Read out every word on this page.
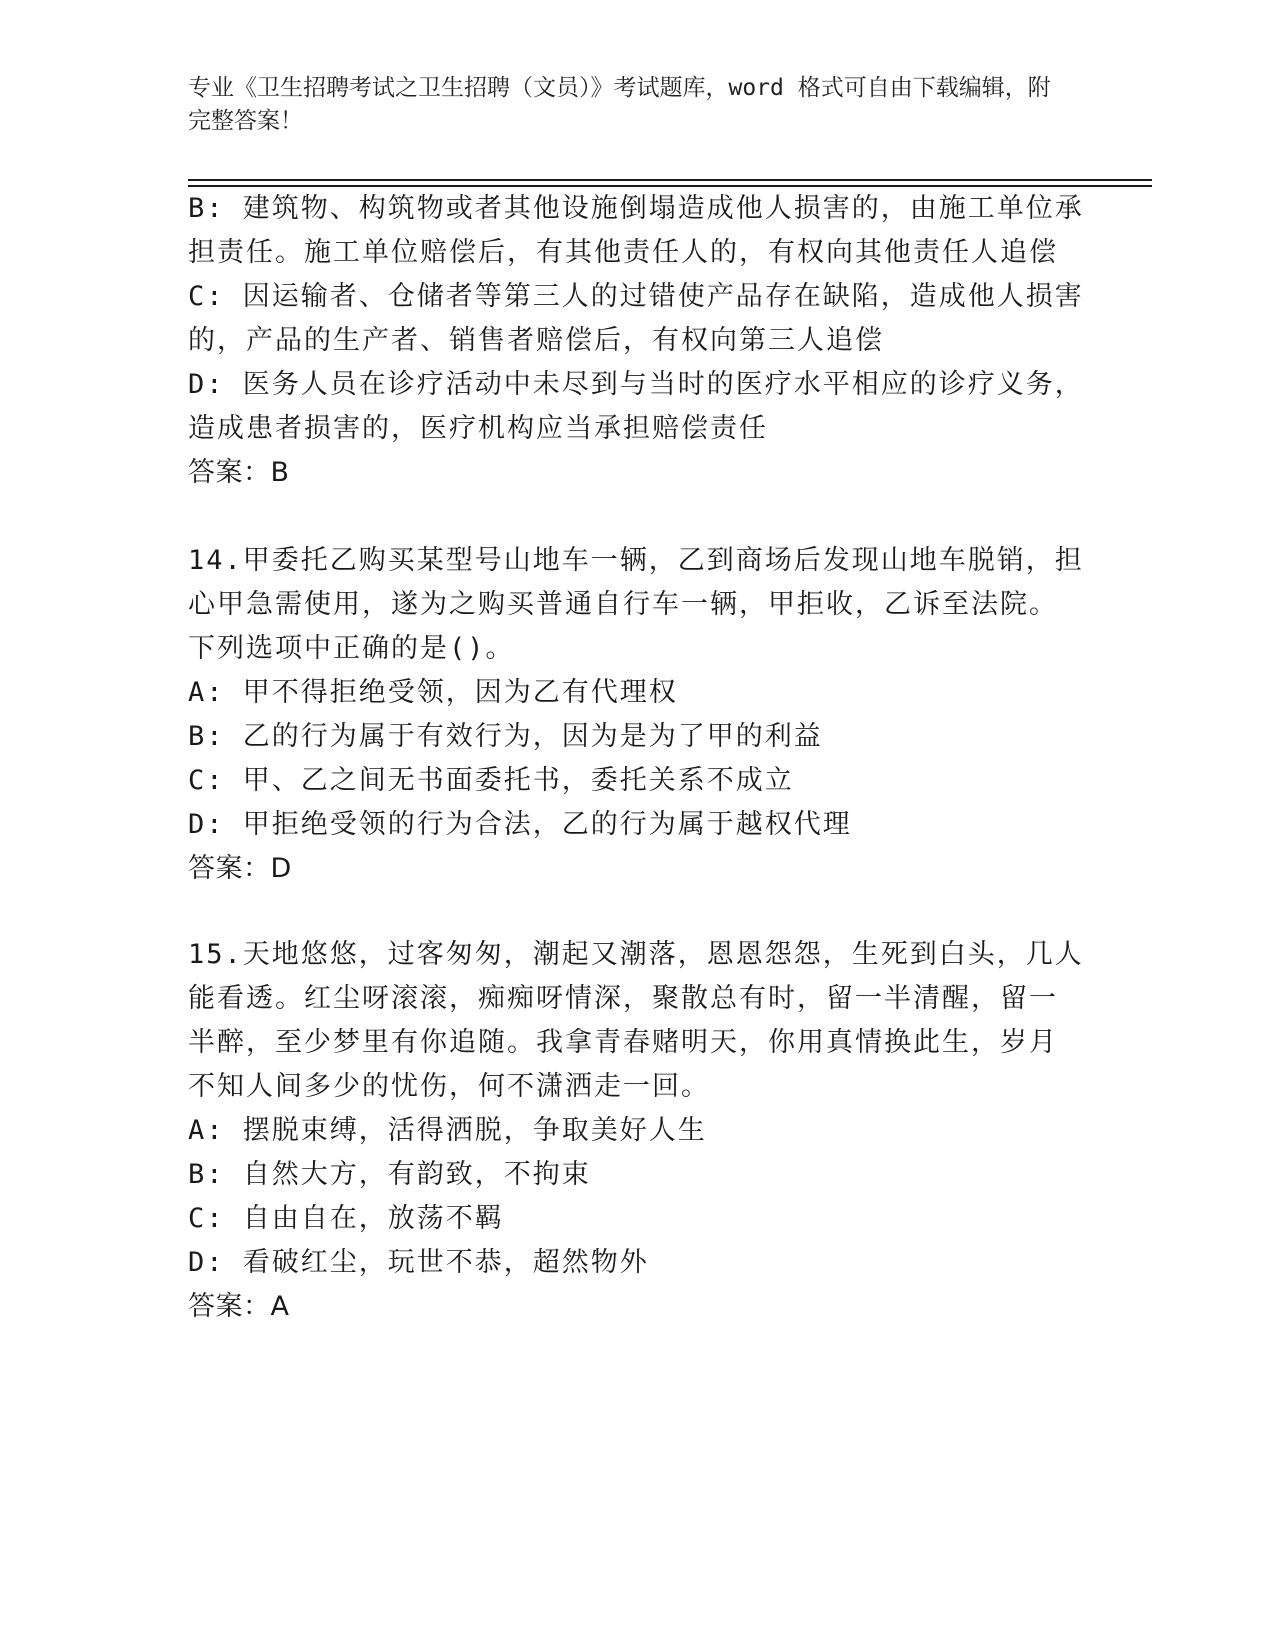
专业《卫生招聘考试之卫生招聘（文员）》考试题库，word 格式可自由下载编辑，附完整答案！
B: 建筑物、构筑物或者其他设施倒塌造成他人损害的，由施工单位承
担责任。施工单位赔偿后，有其他责任人的，有权向其他责任人追偿
C: 因运输者、仓储者等第三人的过错使产品存在缺陷，造成他人损害
的，产品的生产者、销售者赔偿后，有权向第三人追偿
D: 医务人员在诊疗活动中未尽到与当时的医疗水平相应的诊疗义务，
造成患者损害的，医疗机构应当承担赔偿责任
答案：B
14.甲委托乙购买某型号山地车一辆，乙到商场后发现山地车脱销，担
心甲急需使用，遂为之购买普通自行车一辆，甲拒收，乙诉至法院。
下列选项中正确的是()。
A: 甲不得拒绝受领，因为乙有代理权
B: 乙的行为属于有效行为，因为是为了甲的利益
C: 甲、乙之间无书面委托书，委托关系不成立
D: 甲拒绝受领的行为合法，乙的行为属于越权代理
答案：D
15.天地悠悠，过客匆匆，潮起又潮落，恩恩怨怨，生死到白头，几人
能看透。红尘呀滚滚，痴痴呀情深，聚散总有时，留一半清醒，留一
半醉，至少梦里有你追随。我拿青春赌明天，你用真情换此生，岁月
不知人间多少的忧伤，何不潇洒走一回。
A: 摆脱束缚，活得洒脱，争取美好人生
B: 自然大方，有韵致，不拘束
C: 自由自在，放荡不羁
D: 看破红尘，玩世不恭，超然物外
答案：A
